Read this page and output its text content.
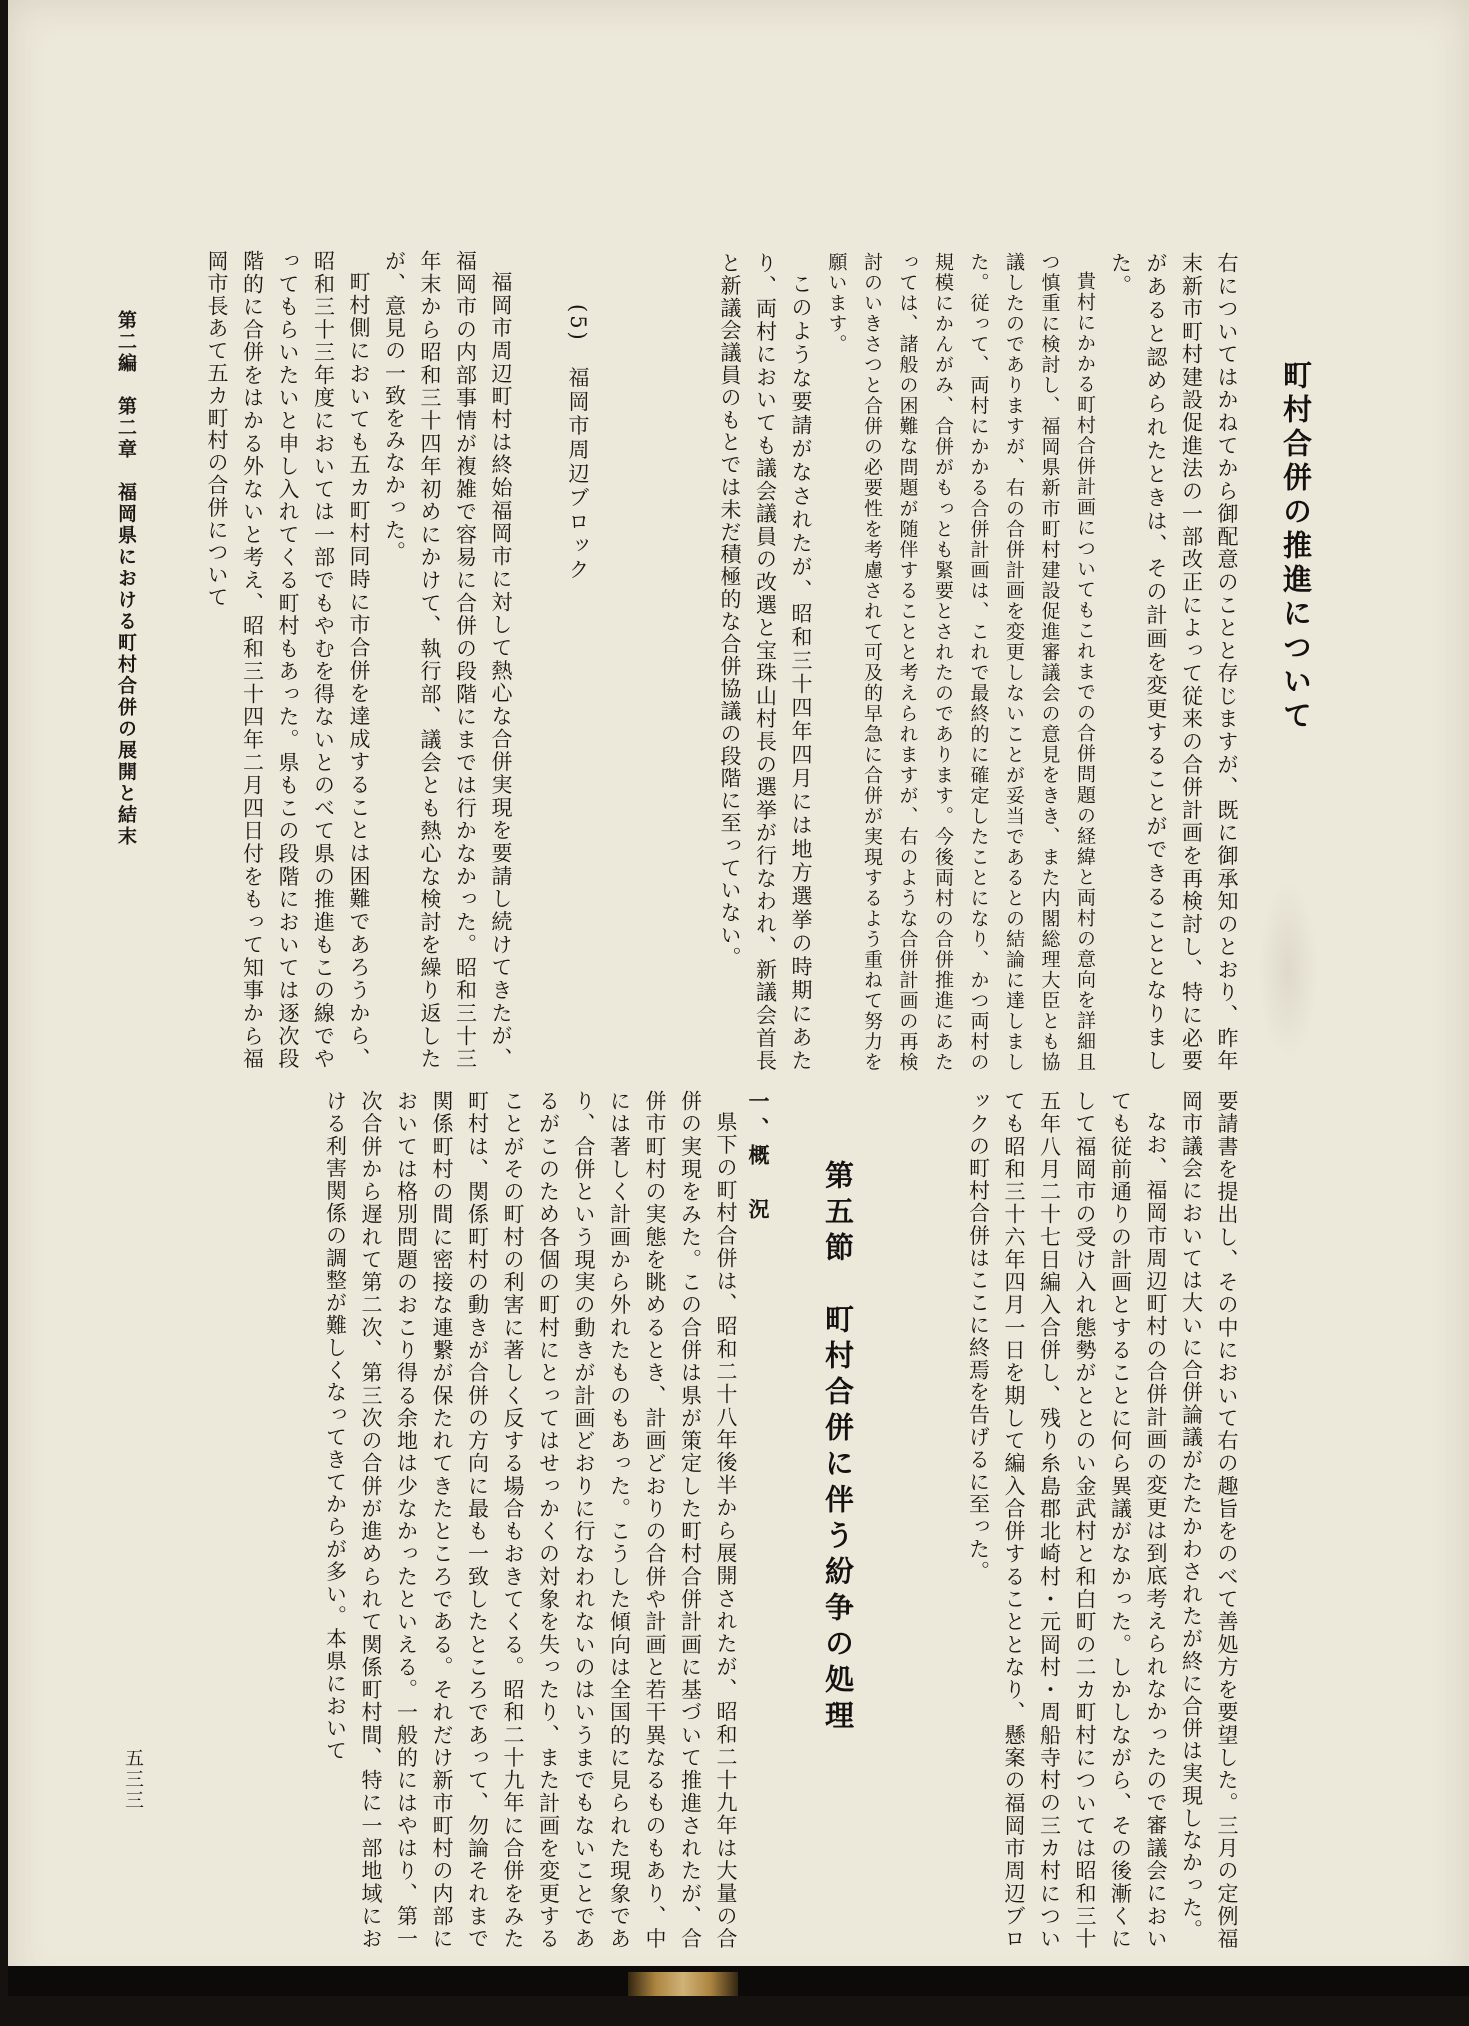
町村合併の推進について

右についてはかねてから御配意のことと存じますが、既に御承知のとおり、昨年末新市町村建設促進法の一部改正によって従来の合併計画を再検討し、特に必要があると認められたときは、その計画を変更することができることとなりました。

貴村にかかる町村合併計画についてもこれまでの合併問題の経緯と両村の意向を詳細且つ慎重に検討し、福岡県新市町村建設促進審議会の意見をきき、また内閣総理大臣とも協議したのでありますが、右の合併計画を変更しないことが妥当であるとの結論に達しました。従って、両村にかかる合併計画は、これで最終的に確定したことになり、かつ両村の規模にかんがみ、合併がもっとも緊要とされたのであります。今後両村の合併推進にあたっては、諸般の困難な問題が随伴することと考えられますが、右のような合併計画の再検討のいきさつと合併の必要性を考慮されて可及的早急に合併が実現するよう重ねて努力を願います。

このような要請がなされたが、昭和三十四年四月には地方選挙の時期にあたり、両村においても議会議員の改選と宝珠山村長の選挙が行なわれ、新議会首長と新議会議員のもとでは未だ積極的な合併協議の段階に至っていない。

(5)　福岡市周辺ブロック

福岡市周辺町村は終始福岡市に対して熱心な合併実現を要請し続けてきたが、福岡市の内部事情が複雑で容易に合併の段階にまでは行かなかった。昭和三十三年末から昭和三十四年初めにかけて、執行部、議会とも熱心な検討を繰り返したが、意見の一致をみなかった。

町村側においても五カ町村同時に市合併を達成することは困難であろうから、昭和三十三年度においては一部でもやむを得ないとのべて県の推進もこの線でやってもらいたいと申し入れてくる町村もあった。県もこの段階においては逐次段階的に合併をはかる外ないと考え、昭和三十四年二月四日付をもって知事から福岡市長あて五カ町村の合併について

第二編　第二章　福岡県における町村合併の展開と結末

要請書を提出し、その中において右の趣旨をのべて善処方を要望した。三月の定例福岡市議会においては大いに合併論議がたたかわされたが終に合併は実現しなかった。

なお、福岡市周辺町村の合併計画の変更は到底考えられなかったので審議会においても従前通りの計画とすることに何ら異議がなかった。しかしながら、その後漸くにして福岡市の受け入れ態勢がととのい金武村と和白町の二カ町村については昭和三十五年八月二十七日編入合併し、残り糸島郡北崎村・元岡村・周船寺村の三カ村についても昭和三十六年四月一日を期して編入合併することとなり、懸案の福岡市周辺ブロックの町村合併はここに終焉を告げるに至った。

第五節　町村合併に伴う紛争の処理
一、概　況

県下の町村合併は、昭和二十八年後半から展開されたが、昭和二十九年は大量の合併の実現をみた。この合併は県が策定した町村合併計画に基づいて推進されたが、合併市町村の実態を眺めるとき、計画どおりの合併や計画と若干異なるものもあり、中には著しく計画から外れたものもあった。こうした傾向は全国的に見られた現象であり、合併という現実の動きが計画どおりに行なわれないのはいうまでもないことであるがこのため各個の町村にとってはせっかくの対象を失ったり、また計画を変更することがその町村の利害に著しく反する場合もおきてくる。昭和二十九年に合併をみた町村は、関係町村の動きが合併の方向に最も一致したところであって、勿論それまで関係町村の間に密接な連繋が保たれてきたところである。それだけ新市町村の内部においては格別問題のおこり得る余地は少なかったといえる。一般的にはやはり、第一次合併から遅れて第二次、第三次の合併が進められて関係町村間、特に一部地域における利害関係の調整が難しくなってきてからが多い。本県において

五三三
